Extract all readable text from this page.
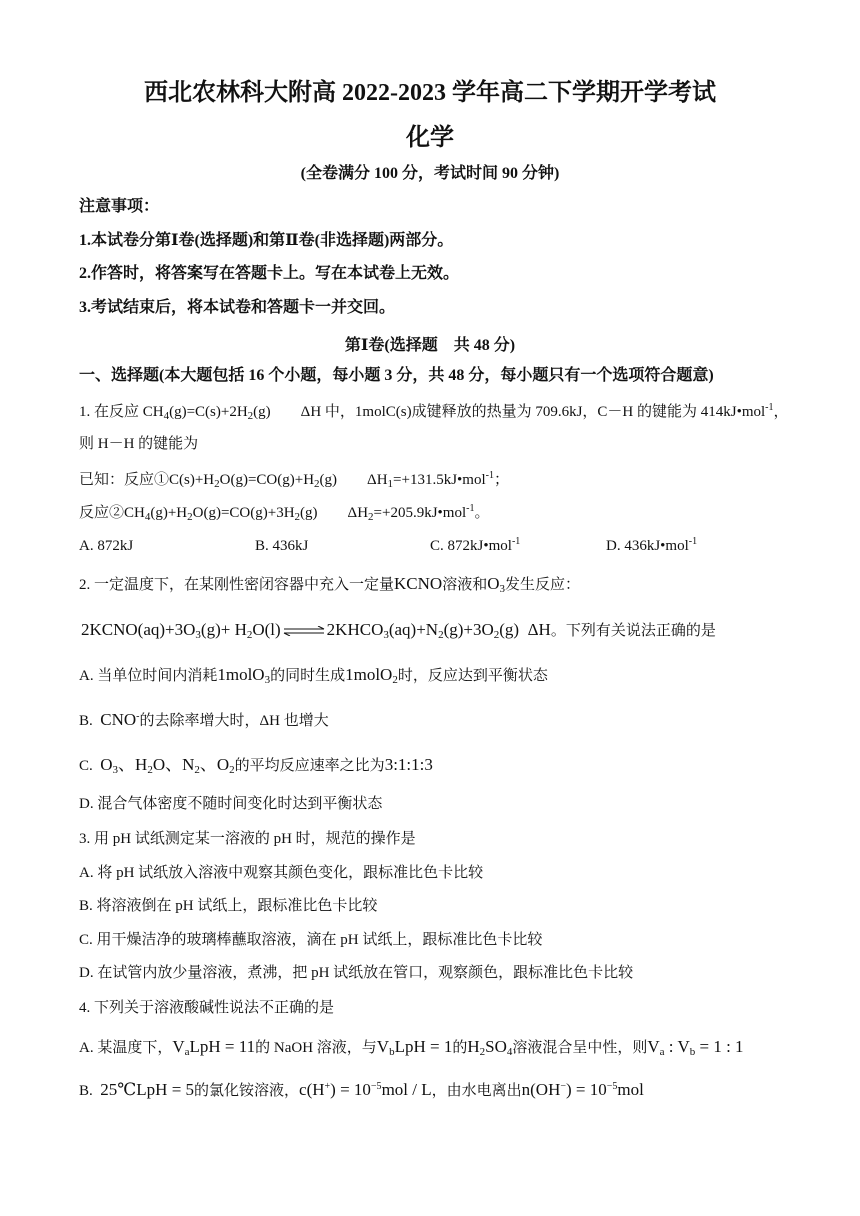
西北农林科大附高 2022-2023 学年高二下学期开学考试
化学
(全卷满分 100 分，考试时间 90 分钟)
注意事项：
1.本试卷分第Ⅰ卷(选择题)和第Ⅱ卷(非选择题)两部分。
2.作答时，将答案写在答题卡上。写在本试卷上无效。
3.考试结束后，将本试卷和答题卡一并交回。
第Ⅰ卷(选择题　共 48 分)
一、选择题(本大题包括 16 个小题，每小题 3 分，共 48 分，每小题只有一个选项符合题意)
1. 在反应 $CH_4(g)=C(s)+2H_2(g)$ ΔH 中，1molC(s)成键释放的热量为 709.6kJ，C－H 的键能为 414kJ•mol$^{-1}$，
则 H－H 的键能为
已知：反应$①C(s)+H_2O(g)=CO(g)+H_2(g)$ $\Delta H_1=+131.5kJ•mol^{-1}$；
反应$②CH_4(g)+H_2O(g)=CO(g)+3H_2(g)$ $\Delta H_2=+205.9kJ•mol^{-1}$。
A. 872kJ	B. 436kJ	C. 872kJ•mol$^{-1}$	D. 436kJ•mol$^{-1}$
2. 一定温度下，在某刚性密闭容器中充入一定量KCNO溶液和$O_3$发生反应：
$2KCNO(aq)+3O_3(g)+ H_2O(l)$ ⇌ $2KHCO_3(aq)+N_2(g)+3O_2(g)$ ΔH。下列有关说法正确的是
A. 当单位时间内消耗1molO$_3$的同时生成1molO$_2$时，反应达到平衡状态
B. CNO-的去除率增大时，ΔH 也增大
C. $O_3$、$H_2O$、$N_2$、$O_2$的平均反应速率之比为3:1:1:3
D. 混合气体密度不随时间变化时达到平衡状态
3. 用 pH 试纸测定某一溶液的 pH 时，规范的操作是
A. 将 pH 试纸放入溶液中观察其颜色变化，跟标准比色卡比较
B. 将溶液倒在 pH 试纸上，跟标准比色卡比较
C. 用干燥洁净的玻璃棒蘸取溶液，滴在 pH 试纸上，跟标准比色卡比较
D. 在试管内放少量溶液，煮沸，把 pH 试纸放在管口，观察颜色，跟标准比色卡比较
4. 下列关于溶液酸碱性说法不正确的是
A. 某温度下，$V_aLpH = 11$的 NaOH 溶液，与$V_bLpH = 1$的$H_2SO_4$溶液混合呈中性，则$V_a$ : $V_b = 1$ : 1
B. 25℃LpH = 5的氯化铵溶液，$c(H^+) = 10^{-5}mol / L$，由水电离出$n(OH^-) = 10^{-5}mol$
